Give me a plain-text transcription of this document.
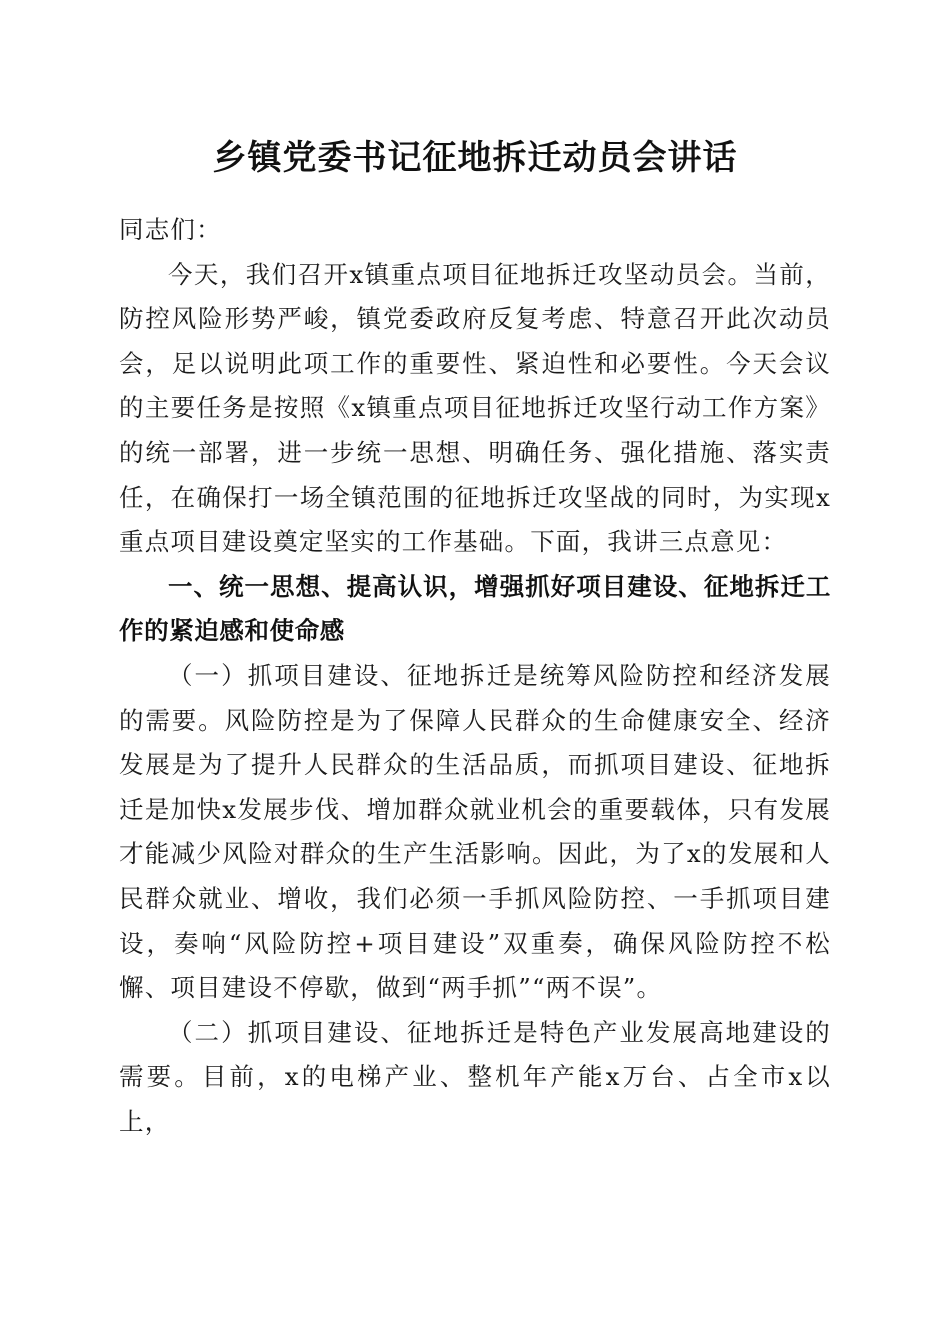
乡镇党委书记征地拆迁动员会讲话

同志们：

今天，我们召开x镇重点项目征地拆迁攻坚动员会。当前，防控风险形势严峻，镇党委政府反复考虑、特意召开此次动员会，足以说明此项工作的重要性、紧迫性和必要性。今天会议的主要任务是按照《x镇重点项目征地拆迁攻坚行动工作方案》的统一部署，进一步统一思想、明确任务、强化措施、落实责任，在确保打一场全镇范围的征地拆迁攻坚战的同时，为实现x重点项目建设奠定坚实的工作基础。下面，我讲三点意见：

一、统一思想、提高认识，增强抓好项目建设、征地拆迁工作的紧迫感和使命感

（一）抓项目建设、征地拆迁是统筹风险防控和经济发展的需要。风险防控是为了保障人民群众的生命健康安全、经济发展是为了提升人民群众的生活品质，而抓项目建设、征地拆迁是加快x发展步伐、增加群众就业机会的重要载体，只有发展才能减少风险对群众的生产生活影响。因此，为了x的发展和人民群众就业、增收，我们必须一手抓风险防控、一手抓项目建设，奏响“风险防控+项目建设”双重奏，确保风险防控不松懈、项目建设不停歇，做到“两手抓”“两不误”。

（二）抓项目建设、征地拆迁是特色产业发展高地建设的需要。目前，x的电梯产业、整机年产能x万台、占全市x以上，
